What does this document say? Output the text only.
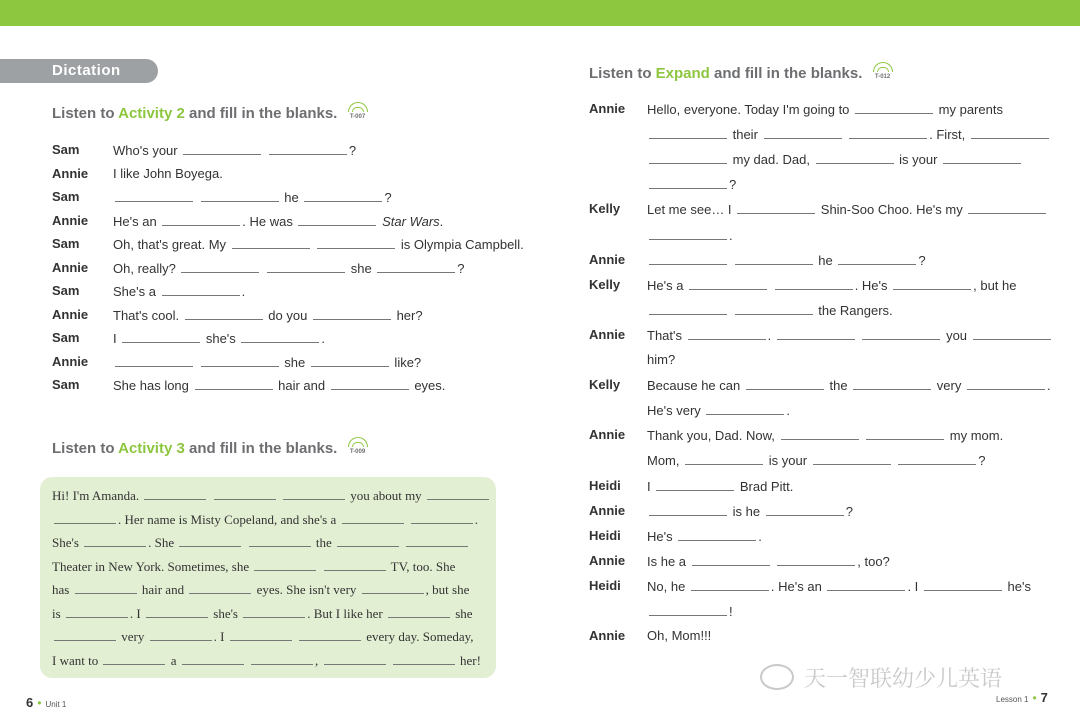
Dictation
Listen to Activity 2 and fill in the blanks.	T-007
Sam	Who's your	?
Annie I like John Boyega.
Sam	he	?
Annie He's an	. He was	Star Wars.
Sam	Oh, that's great. My	is Olympia Campbell.
Annie Oh, really?	she	?
Sam	She's a	.
Annie That's cool.	do you	her?
Sam	I	she's	.
Annie	she	like?
Sam	She has long	hair and	eyes.
Listen to Activity 3 and fill in the blanks.	T-009
Hi! I'm Amanda.	you about my
. Her name is Misty Copeland, and she's a	.
She's	. She	the
Theater in New York. Sometimes, she	TV, too. She
has	hair and	eyes. She isn't very	, but she
is	. I	she's	. But I like her	she
very	. I	every day. Someday,
I want to	a	,	her!
6 • Unit 1
Listen to Expand and fill in the blanks.	T-012
Annie Hello, everyone. Today I'm going to	my parents
their	. First,
my dad. Dad,	is your
?
Kelly Let me see… I	Shin-Soo Choo. He's my
.
Annie	he	?
Kelly He's a	. He's	, but he
the Rangers.
Annie That's	.	you
him?
Kelly Because he can	the	very	.
He's very	.
Annie Thank you, Dad. Now,	my mom.
Mom,	is your	?
Heidi I	Brad Pitt.
Annie	is he	?
Heidi He's	.
Annie Is he a	, too?
Heidi No, he	. He's an	. I	he's
!
Annie Oh, Mom!!!
天一智联幼少儿英语
Lesson 1 • 7
